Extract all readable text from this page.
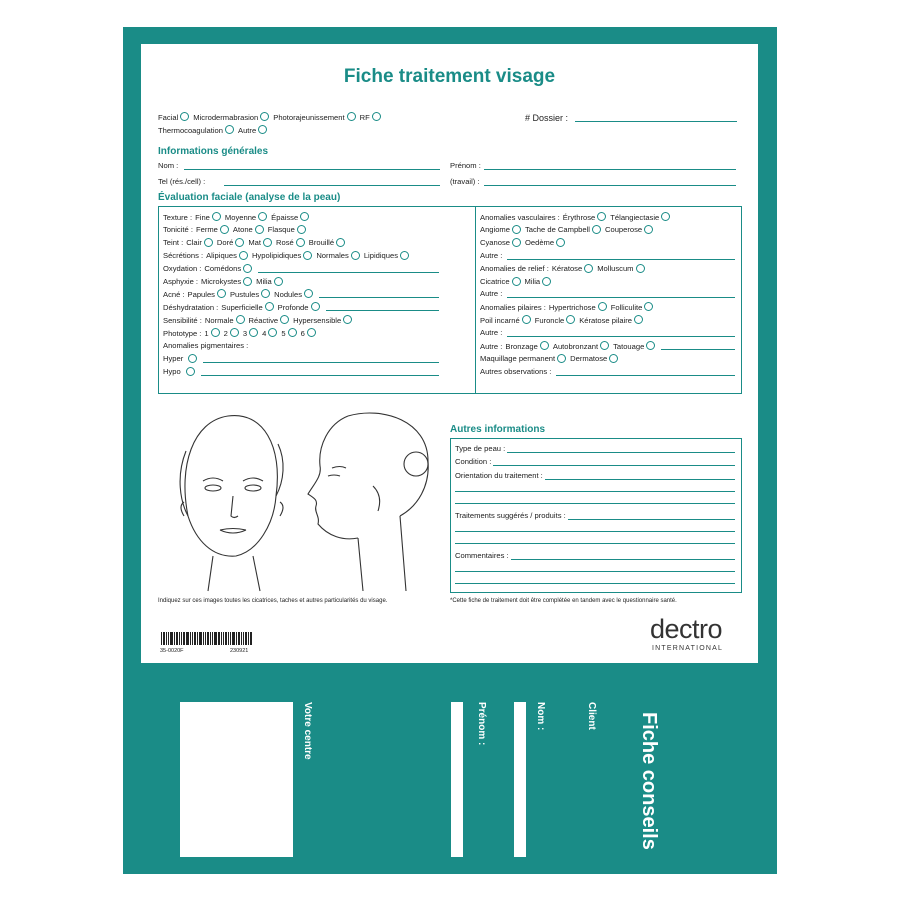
Fiche traitement visage
Facial Microdermabrasion Photorajeunissement RF
Thermocoagulation Autre
# Dossier :
Informations générales
Nom :	Prénom :
Tel (rés./cell) :	(travail) :
Évaluation faciale (analyse de la peau)
Indiquez sur ces images toutes les cicatrices, taches et autres particularités du visage.
Autres informations
*Cette fiche de traitement doit être complétée en tandem avec le questionnaire santé.
35-0020F	230921
dectro
INTERNATIONAL
Texture : Fine Moyenne Épaisse
Tonicité : Ferme Atone Flasque
Teint : Clair Doré Mat Rosé Brouillé
Sécrétions : Alipiques Hypolipidiques Normales Lipidiques
Oxydation : Comédons
Asphyxie : Microkystes Milia
Acné : Papules Pustules Nodules
Déshydratation : Superficielle Profonde
Sensibilité : Normale Réactive Hypersensible
Phototype : 1 2 3 4 5 6
Anomalies pigmentaires :
Hyper
Hypo
Anomalies vasculaires : Érythrose Télangiectasie
Angiome Tache de Campbell Couperose
Cyanose Oedème
Autre :
Anomalies de relief : Kératose Molluscum
Cicatrice Milia
Autre :
Anomalies pilaires : Hypertrichose Folliculite
Poil incarné Furoncle Kératose pilaire
Autre :
Autre : Bronzage Autobronzant Tatouage
Maquillage permanent Dermatose
Autres observations :
Type de peau :
Condition :
Orientation du traitement :
Traitements suggérés / produits :
Commentaires :
Votre centre	Prénom :	Nom :	Client Fiche conseils
